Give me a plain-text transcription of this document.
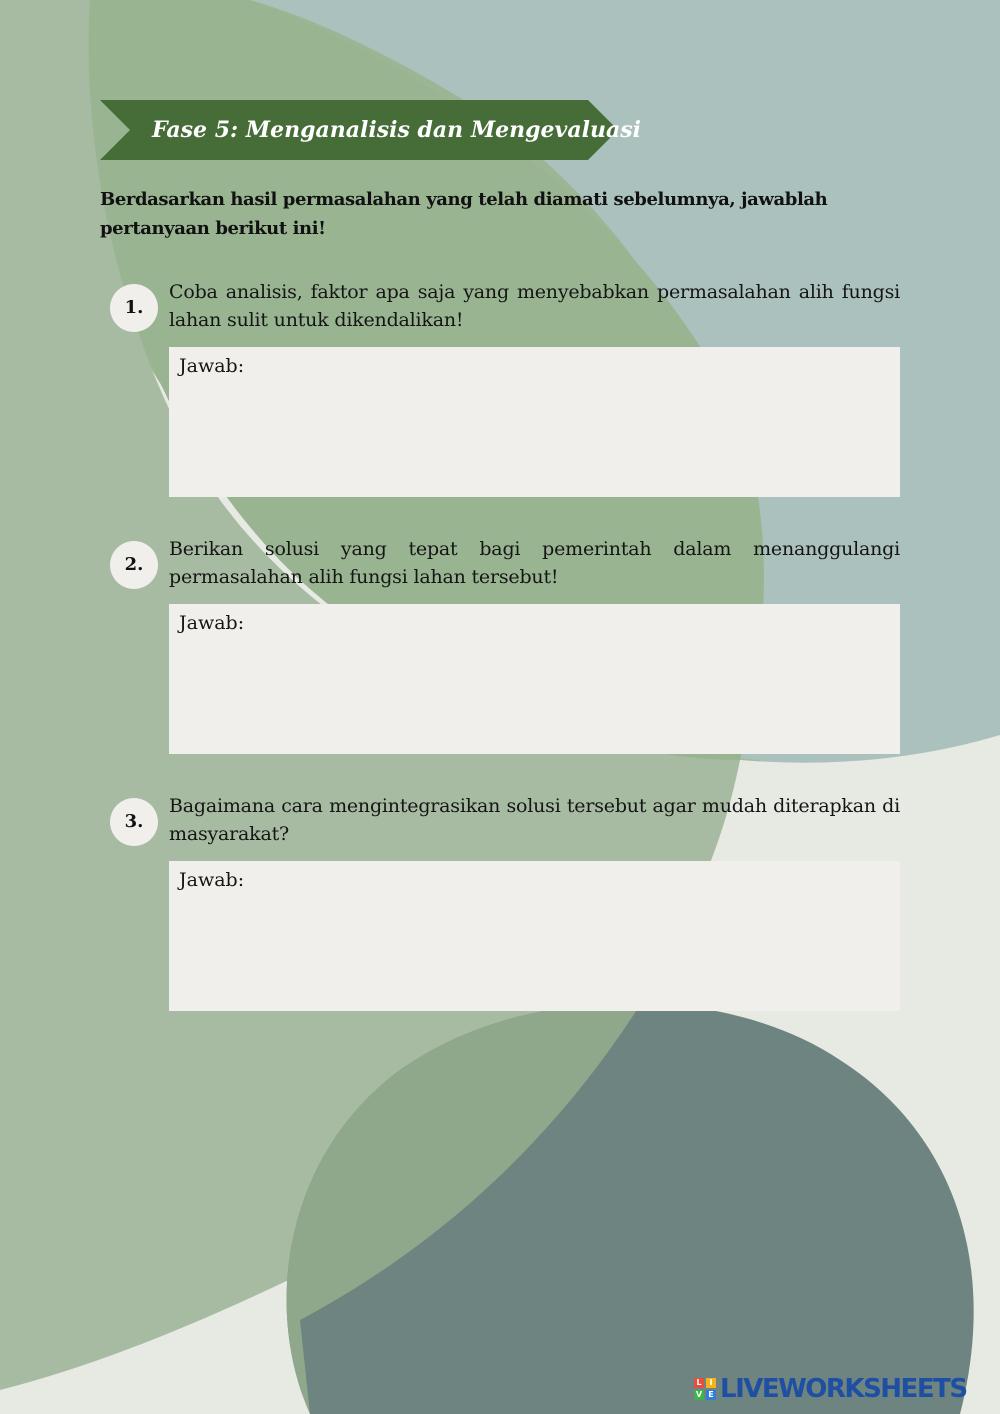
Fase 5: Menganalisis dan Mengevaluasi
Berdasarkan hasil permasalahan yang telah diamati sebelumnya, jawablah pertanyaan berikut ini!
1.
Coba analisis, faktor apa saja yang menyebabkan permasalahan alih fungsi lahan sulit untuk dikendalikan!
Jawab:
2.
Berikan solusi yang tepat bagi pemerintah dalam menanggulangi permasalahan alih fungsi lahan tersebut!
Jawab:
3.
Bagaimana cara mengintegrasikan solusi tersebut agar mudah diterapkan di masyarakat?
Jawab:
L I
V E LIVEWORKSHEETS
